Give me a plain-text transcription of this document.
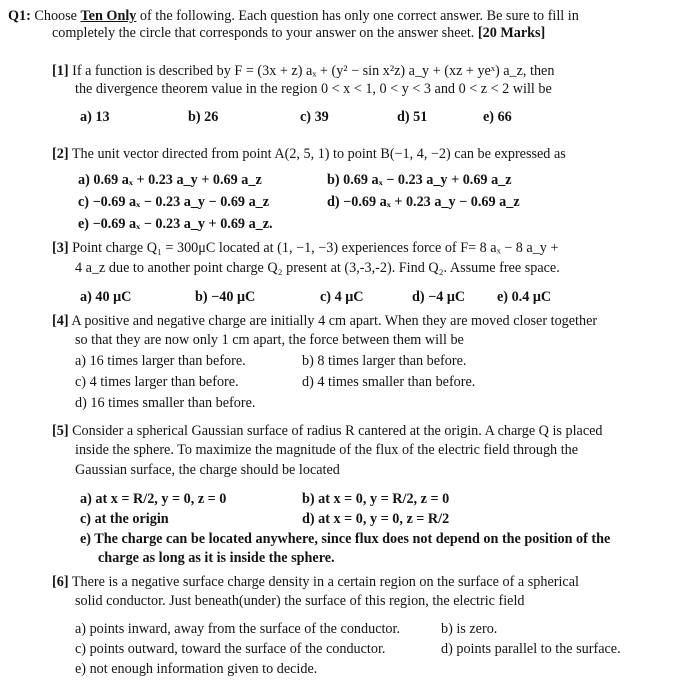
Q1: Choose Ten Only of the following. Each question has only one correct answer. Be sure to fill in
completely the circle that corresponds to your answer on the answer sheet. [20 Marks]
[1] If a function is described by F = (3x + z) aₓ + (y² − sin x²z) a_y + (xz + yeˣ) a_z, then
the divergence theorem value in the region 0 < x < 1, 0 < y < 3 and 0 < z < 2 will be
a) 13	b) 26	c) 39	d) 51	e) 66
[2] The unit vector directed from point A(2, 5, 1) to point B(−1, 4, −2) can be expressed as
a) 0.69 aₓ + 0.23 a_y + 0.69 a_z	b) 0.69 aₓ − 0.23 a_y + 0.69 a_z
c) −0.69 aₓ − 0.23 a_y − 0.69 a_z	d) −0.69 aₓ + 0.23 a_y − 0.69 a_z
e) −0.69 aₓ − 0.23 a_y + 0.69 a_z.
[3] Point charge Q₁ = 300μC located at (1, −1, −3) experiences force of F= 8 aₓ − 8 a_y +
4 a_z due to another point charge Q₂ present at (3,-3,-2). Find Q₂. Assume free space.
a) 40 μC	b) −40 μC	c) 4 μC	d) −4 μC e) 0.4 μC
[4] A positive and negative charge are initially 4 cm apart. When they are moved closer together
so that they are now only 1 cm apart, the force between them will be
a) 16 times larger than before.	b) 8 times larger than before.
c) 4 times larger than before.	d) 4 times smaller than before.
d) 16 times smaller than before.
[5] Consider a spherical Gaussian surface of radius R cantered at the origin. A charge Q is placed
inside the sphere. To maximize the magnitude of the flux of the electric field through the
Gaussian surface, the charge should be located
a) at x = R/2, y = 0, z = 0	b) at x = 0, y = R/2, z = 0
c) at the origin	d) at x = 0, y = 0, z = R/2
e) The charge can be located anywhere, since flux does not depend on the position of the
charge as long as it is inside the sphere.
[6] There is a negative surface charge density in a certain region on the surface of a spherical
solid conductor. Just beneath(under) the surface of this region, the electric field
a) points inward, away from the surface of the conductor.	b) is zero.
c) points outward, toward the surface of the conductor.	d) points parallel to the surface.
e) not enough information given to decide.
